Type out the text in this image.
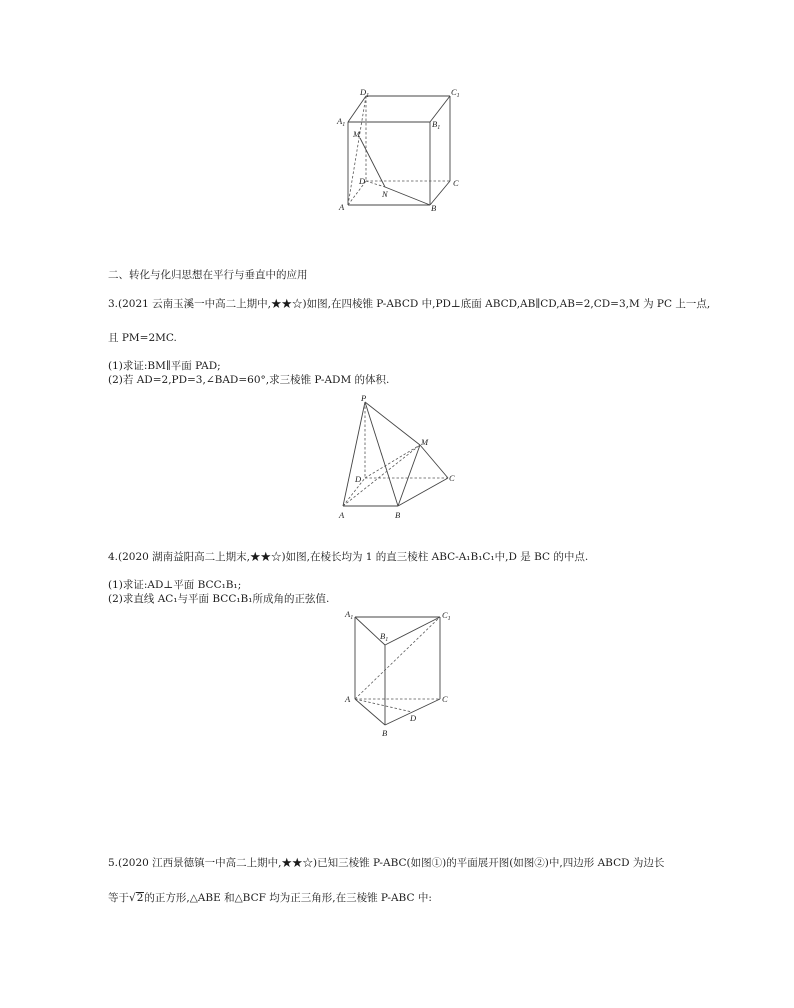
$D_1$	$C_1$
$A_1$	$B_1$
M
D	C
N
A	B
二、转化与化归思想在平行与垂直中的应用
3.(2021 云南玉溪一中高二上期中,★★☆)如图,在四棱锥 P-ABCD 中,PD⊥底面 ABCD,AB∥CD,AB=2,CD=3,M 为 PC 上一点,
且 PM=2MC.
(1)求证:BM∥平面 PAD;
(2)若 AD=2,PD=3,∠BAD=60°,求三棱锥 P-ADM 的体积.
P
M
D	C
A	B
4.(2020 湖南益阳高二上期末,★★☆)如图,在棱长均为 1 的直三棱柱 ABC-A₁B₁C₁中,D 是 BC 的中点.
(1)求证:AD⊥平面 BCC₁B₁;
(2)求直线 AC₁与平面 BCC₁B₁所成角的正弦值.
$A_1$	$C_1$
$B_1$
A	C
D
B
5.(2020 江西景德镇一中高二上期中,★★☆)已知三棱锥 P-ABC(如图①)的平面展开图(如图②)中,四边形 ABCD 为边长
等于√2的正方形,△ABE 和△BCF 均为正三角形,在三棱锥 P-ABC 中:
